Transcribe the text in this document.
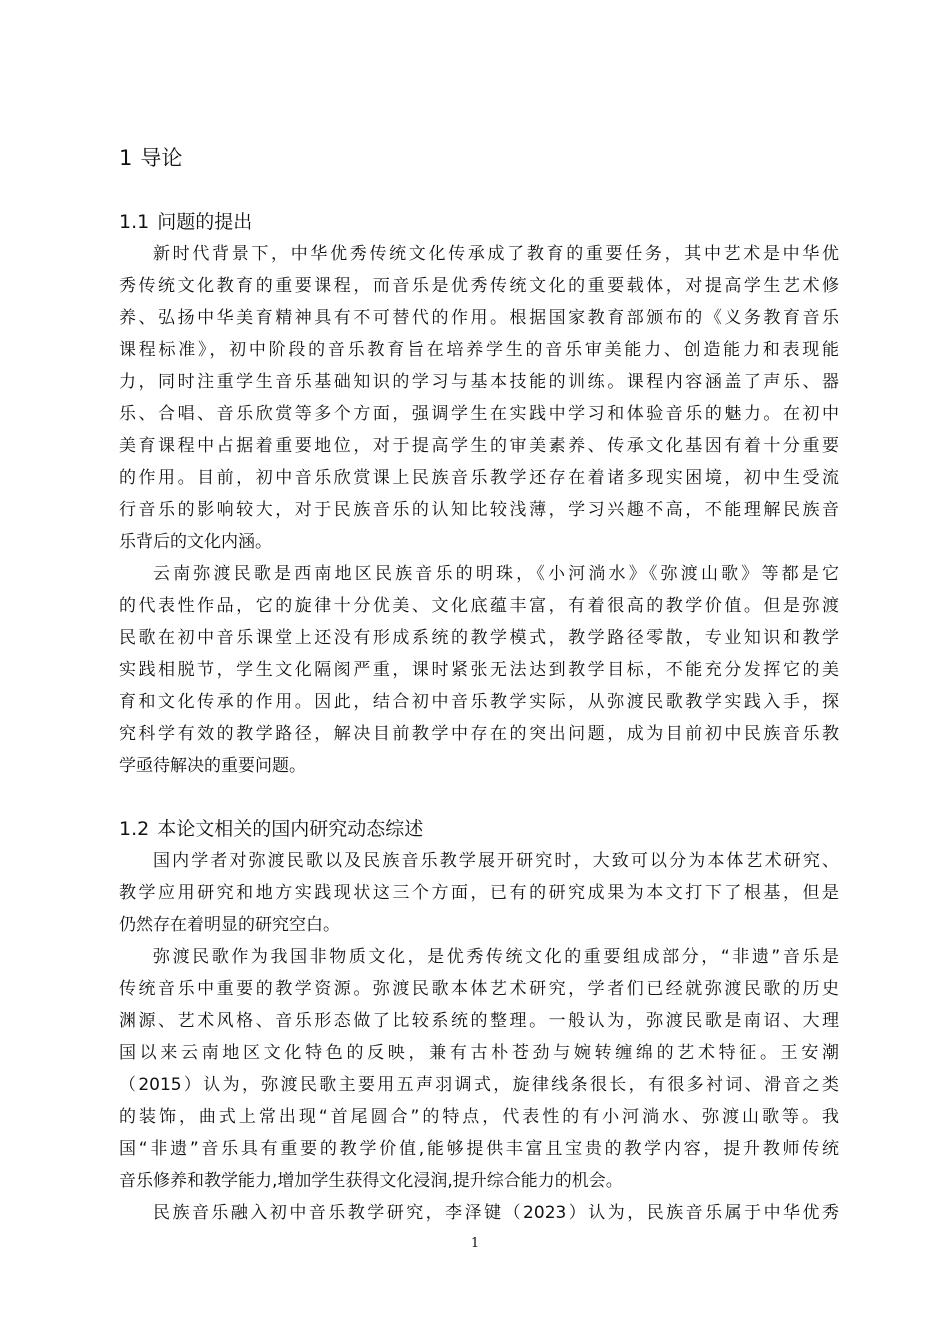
1 导论
1.1 问题的提出
新时代背景下，中华优秀传统文化传承成了教育的重要任务，其中艺术是中华优
秀传统文化教育的重要课程，而音乐是优秀传统文化的重要载体，对提高学生艺术修
养、弘扬中华美育精神具有不可替代的作用。根据国家教育部颁布的《义务教育音乐
课程标准》，初中阶段的音乐教育旨在培养学生的音乐审美能力、创造能力和表现能
力，同时注重学生音乐基础知识的学习与基本技能的训练。课程内容涵盖了声乐、器
乐、合唱、音乐欣赏等多个方面，强调学生在实践中学习和体验音乐的魅力。在初中
美育课程中占据着重要地位，对于提高学生的审美素养、传承文化基因有着十分重要
的作用。目前，初中音乐欣赏课上民族音乐教学还存在着诸多现实困境，初中生受流
行音乐的影响较大，对于民族音乐的认知比较浅薄，学习兴趣不高，不能理解民族音
乐背后的文化内涵。
云南弥渡民歌是西南地区民族音乐的明珠，《小河淌水》《弥渡山歌》等都是它
的代表性作品，它的旋律十分优美、文化底蕴丰富，有着很高的教学价值。但是弥渡
民歌在初中音乐课堂上还没有形成系统的教学模式，教学路径零散，专业知识和教学
实践相脱节，学生文化隔阂严重，课时紧张无法达到教学目标，不能充分发挥它的美
育和文化传承的作用。因此，结合初中音乐教学实际，从弥渡民歌教学实践入手，探
究科学有效的教学路径，解决目前教学中存在的突出问题，成为目前初中民族音乐教
学亟待解决的重要问题。
1.2 本论文相关的国内研究动态综述
国内学者对弥渡民歌以及民族音乐教学展开研究时，大致可以分为本体艺术研究、
教学应用研究和地方实践现状这三个方面，已有的研究成果为本文打下了根基，但是
仍然存在着明显的研究空白。
弥渡民歌作为我国非物质文化，是优秀传统文化的重要组成部分，“非遗”音乐是
传统音乐中重要的教学资源。弥渡民歌本体艺术研究，学者们已经就弥渡民歌的历史
渊源、艺术风格、音乐形态做了比较系统的整理。一般认为，弥渡民歌是南诏、大理
国以来云南地区文化特色的反映，兼有古朴苍劲与婉转缠绵的艺术特征。王安潮
（2015）认为，弥渡民歌主要用五声羽调式，旋律线条很长，有很多衬词、滑音之类
的装饰，曲式上常出现“首尾圆合”的特点，代表性的有小河淌水、弥渡山歌等。我
国“非遗”音乐具有重要的教学价值,能够提供丰富且宝贵的教学内容，提升教师传统
音乐修养和教学能力,增加学生获得文化浸润,提升综合能力的机会。
民族音乐融入初中音乐教学研究，李泽键（2023）认为，民族音乐属于中华优秀
1
